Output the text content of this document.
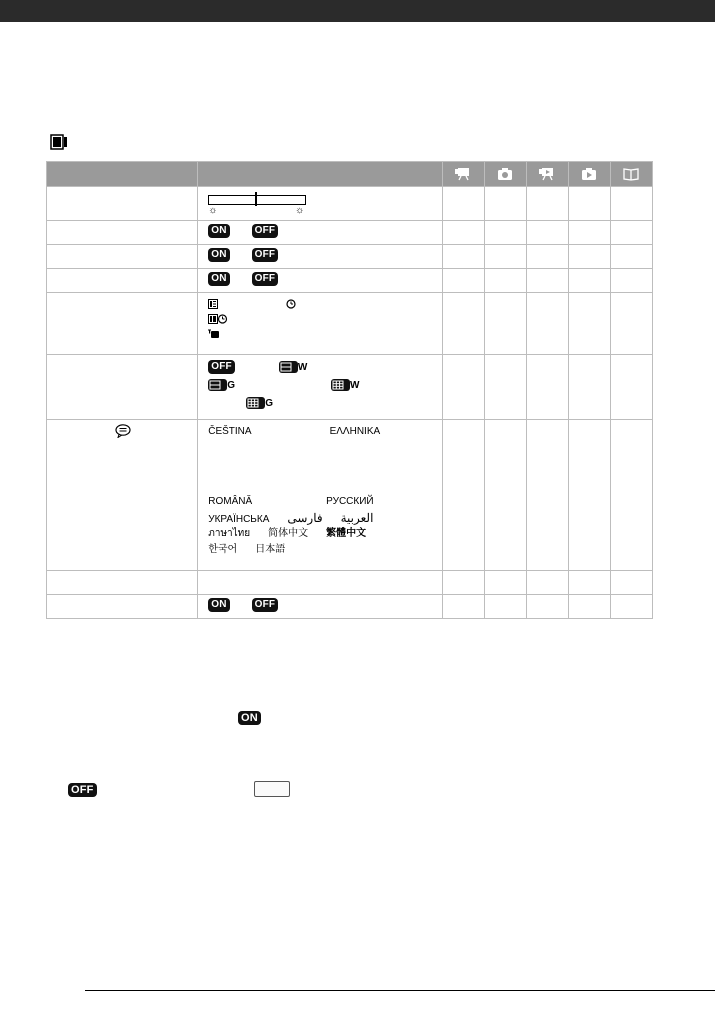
	☼ ☼					

	ON OFF					

	ON OFF					

	ON OFF					

	OFF W
G W
G					

ČEŠTINA ΕΛΛΗΝΙΚΑ
ROMÂNĂ РУССКИЙ
УКРАЇНСЬКА العربيةفارسی
ภาษาไทย 简体中文 繁體中文
한국어 日本語					

	ON OFF					

ON
OFF
